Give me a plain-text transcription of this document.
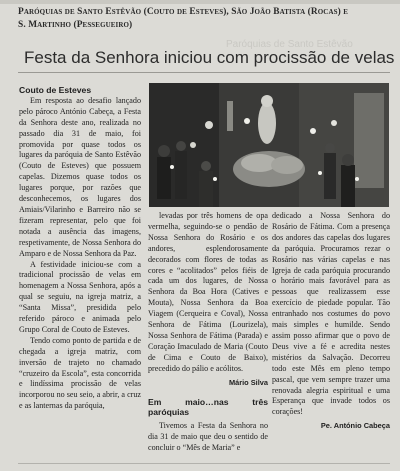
Paróquias de Santo Estêvão
Paróquias de Santo Estêvão (Couto de Esteves), São João Batista (Rocas) e
S. Martinho (Pessegueiro)
Festa da Senhora iniciou com procissão de velas

Couto de Esteves

Em resposta ao desafio lançado pelo pároco António Cabeça, a Festa da Senhora deste ano, realizada no passado dia 31 de maio, foi promovida por quase todos os lugares da paróquia de Santo Estêvão (Couto de Esteves) que possuem capelas. Dizemos quase todos os lugares porque, por razões que desconhecemos, os lugares dos Amiais/Vilarinho e Barreiro não se fizeram representar, pelo que foi notada a ausência das imagens, respetivamente, de Nossa Senhora do Amparo e de Nossa Senhora da Paz.

A festividade iniciou-se com a tradicional procissão de velas em homenagem a Nossa Senhora, após a qual se seguiu, na igreja matriz, a “Santa Missa”, presidida pelo referido pároco e animada pelo Grupo Coral de Couto de Esteves.

Tendo como ponto de partida e de chegada a igreja matriz, com inversão de trajeto no chamado “cruzeiro da Escola”, esta concorrida e lindíssima procissão de velas incorporou no seu seio, a abrir, a cruz e as lanternas da paróquia,

levadas por três homens de opa vermelha, seguindo-se o pendão de Nossa Senhora do Rosário e os andores, esplendorosamente decorados com flores de todas as cores e “acolitados” pelos fiéis de cada um dos lugares, de Nossa Senhora da Boa Hora (Catives e Mouta), Nossa Senhora da Boa Viagem (Cerqueira e Coval), Nossa Senhora de Fátima (Lourizela), Nossa Senhora de Fátima (Parada) e Coração Imaculado de Maria (Couto de Cima e Couto de Baixo), precedido do pálio e acólitos.

Mário Silva
Em maio…nas três paróquias

Tivemos a Festa da Senhora no dia 31 de maio que deu o sentido de concluir o “Mês de Maria” e

dedicado a Nossa Senhora do Rosário de Fátima. Com a presença dos andores das capelas dos lugares da paróquia. Procuramos rezar o Rosário nas várias capelas e nas Igreja de cada paróquia procurando o horário mais favorável para as pessoas que realizassem esse exercício de piedade popular. Tão entranhado nos costumes do povo mais simples e humilde. Sendo assim posso afirmar que o povo de Deus vive a fé e acredita nestes mistérios da Salvação. Decorreu todo este Mês em pleno tempo pascal, que vem sempre trazer uma renovada alegria espiritual e uma Esperança que invade todos os corações!

Pe. António Cabeça
